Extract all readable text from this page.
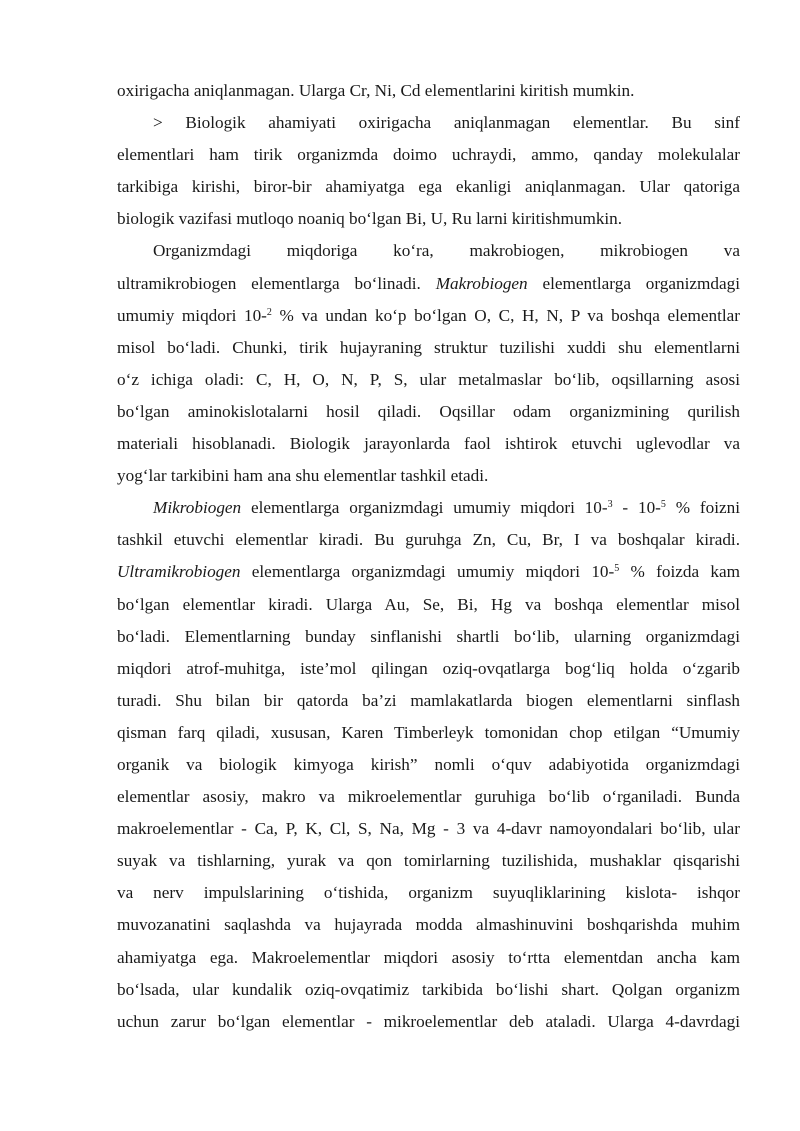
oxirigacha aniqlanmagan. Ularga Cr, Ni, Cd elementlarini kiritish mumkin.
> Biologik ahamiyati oxirigacha aniqlanmagan elementlar. Bu sinf
elementlari ham tirik organizmda doimo uchraydi, ammo, qanday molekulalar
tarkibiga kirishi, biror-bir ahamiyatga ega ekanligi aniqlanmagan. Ular qatoriga
biologik vazifasi mutloqo noaniq bo‘lgan Bi, U, Ru larni kiritishmumkin.
Organizmdagi miqdoriga ko‘ra, makrobiogen, mikrobiogen va
ultramikrobiogen elementlarga bo‘linadi. Makrobiogen elementlarga organizmdagi
umumiy miqdori 10-$^2$ % va undan ko‘p bo‘lgan O, C, H, N, P va boshqa elementlar
misol bo‘ladi. Chunki, tirik hujayraning struktur tuzilishi xuddi shu elementlarni
o‘z ichiga oladi: C, H, O, N, P, S, ular metalmaslar bo‘lib, oqsillarning asosi
bo‘lgan aminokislotalarni hosil qiladi. Oqsillar odam organizmining qurilish
materiali hisoblanadi. Biologik jarayonlarda faol ishtirok etuvchi uglevodlar va
yog‘lar tarkibini ham ana shu elementlar tashkil etadi.
Mikrobiogen elementlarga organizmdagi umumiy miqdori 10-$^3$ - 10-$^5$ % foizni
tashkil etuvchi elementlar kiradi. Bu guruhga Zn, Cu, Br, I va boshqalar kiradi.
Ultramikrobiogen elementlarga organizmdagi umumiy miqdori 10-$^5$ % foizda kam
bo‘lgan elementlar kiradi. Ularga Au, Se, Bi, Hg va boshqa elementlar misol
bo‘ladi. Elementlarning bunday sinflanishi shartli bo‘lib, ularning organizmdagi
miqdori atrof-muhitga, iste’mol qilingan oziq-ovqatlarga bog‘liq holda o‘zgarib
turadi. Shu bilan bir qatorda ba’zi mamlakatlarda biogen elementlarni sinflash
qisman farq qiladi, xususan, Karen Timberleyk tomonidan chop etilgan “Umumiy
organik va biologik kimyoga kirish” nomli o‘quv adabiyotida organizmdagi
elementlar asosiy, makro va mikroelementlar guruhiga bo‘lib o‘rganiladi. Bunda
makroelementlar - Ca, P, K, Cl, S, Na, Mg - 3 va 4-davr namoyondalari bo‘lib, ular
suyak va tishlarning, yurak va qon tomirlarning tuzilishida, mushaklar qisqarishi
va nerv impulslarining o‘tishida, organizm suyuqliklarining kislota- ishqor
muvozanatini saqlashda va hujayrada modda almashinuvini boshqarishda muhim
ahamiyatga ega. Makroelementlar miqdori asosiy to‘rtta elementdan ancha kam
bo‘lsada, ular kundalik oziq-ovqatimiz tarkibida bo‘lishi shart. Qolgan organizm
uchun zarur bo‘lgan elementlar - mikroelementlar deb ataladi. Ularga 4-davrdagi
